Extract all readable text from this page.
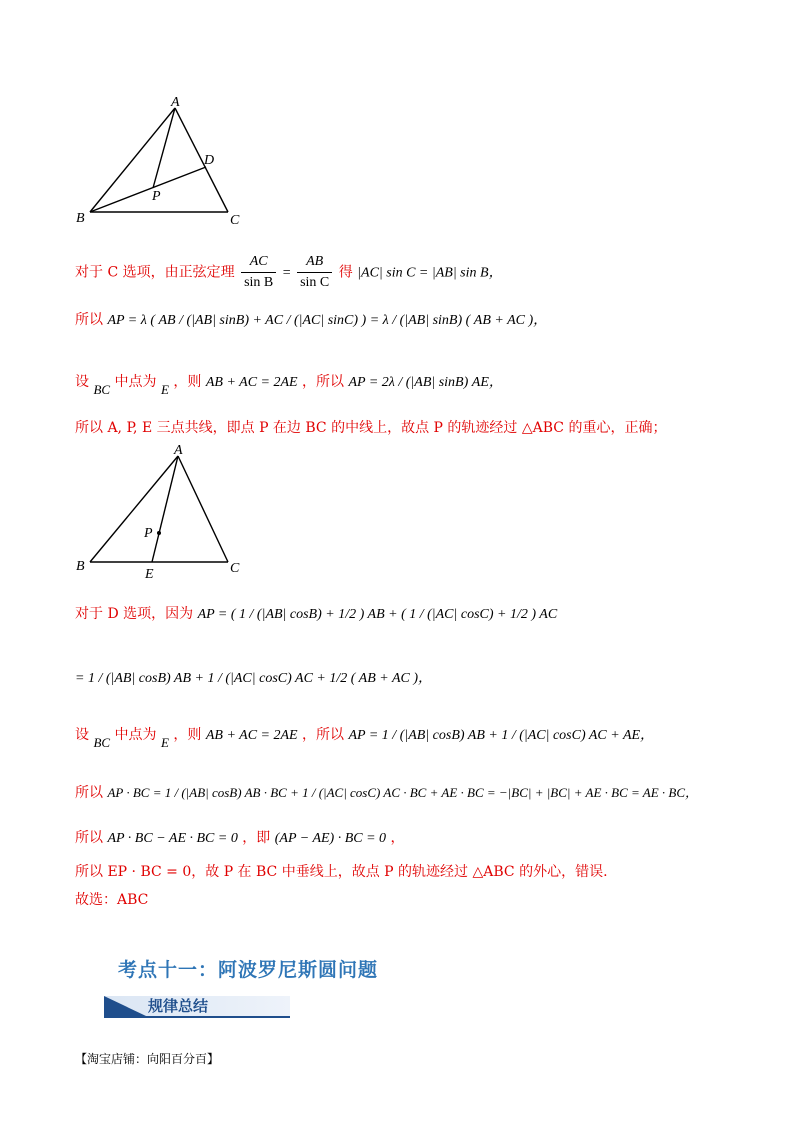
A
B	C
D
P
对于 C 选项，由正弦定理 $\frac{AC}{\text{sin B}} = \frac{AB}{\text{sin C}}$ 得 |AC| sin C = |AB| sin B，
所以 AP = λ ( AB / (|AB| sinB) + AC / (|AC| sinC) ) = λ / (|AB| sinB) ( AB + AC )，
设 BC 中点为 E ，则 AB + AC = 2AE ，所以 AP = 2λ / (|AB| sinB) AE，
所以 A, P, E 三点共线，即点 P 在边 BC 的中线上，故点 P 的轨迹经过 △ABC 的重心，正确；
A
B	C
E
P
对于 D 选项，因为 AP = ( 1 / (|AB| cosB) + 1/2 ) AB + ( 1 / (|AC| cosC) + 1/2 ) AC
= 1 / (|AB| cosB) AB + 1 / (|AC| cosC) AC + 1/2 ( AB + AC )，
设 BC 中点为 E ，则 AB + AC = 2AE ，所以 AP = 1 / (|AB| cosB) AB + 1 / (|AC| cosC) AC + AE，
所以 AP · BC = 1 / (|AB| cosB) AB · BC + 1 / (|AC| cosC) AC · BC + AE · BC = −|BC| + |BC| + AE · BC = AE · BC，
所以 AP · BC − AE · BC = 0 ，即 (AP − AE) · BC = 0 ，
所以 EP · BC = 0，故 P 在 BC 中垂线上，故点 P 的轨迹经过 △ABC 的外心，错误.
故选：ABC
考点十一：阿波罗尼斯圆问题
规律总结
【淘宝店铺：向阳百分百】
